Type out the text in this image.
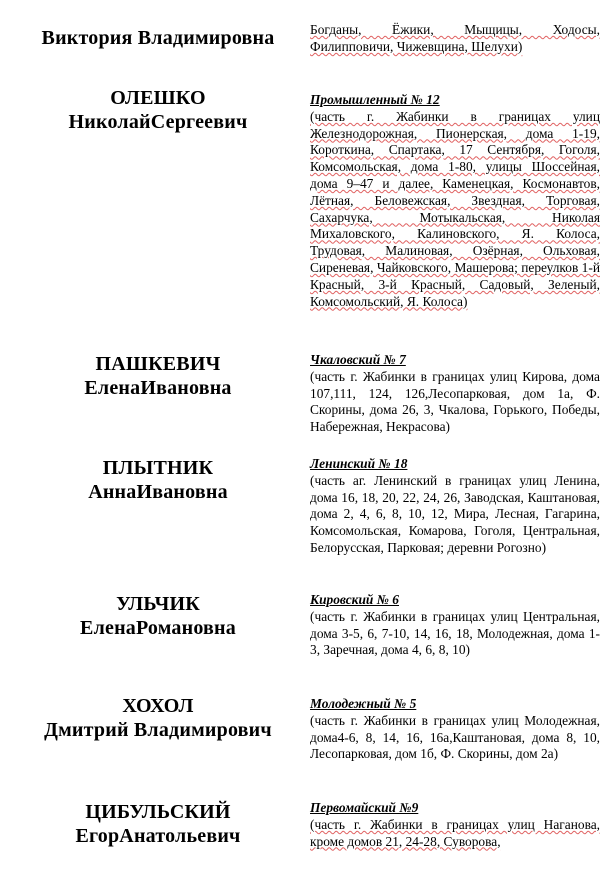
Виктория Владимировна	Богданы, Ёжики, Мыщицы, Ходосы, Филипповичи, Чижевщина, Шелухи)
ОЛЕШКО
НиколайСергеевич
Промышленный № 12
(часть г. Жабинки в границах улиц Железнодорожная, Пионерская, дома 1-19, Короткина, Спартака, 17 Сентября, Гоголя, Комсомольская, дома 1-80, улицы Шоссейная, дома 9–47 и далее, Каменецкая, Космонавтов, Лётная, Беловежская, Звездная, Торговая, Сахарчука, Мотыкальская, Николая Михаловского, Калиновского, Я. Колоса, Трудовая, Малиновая, Озёрная, Ольховая, Сиреневая, Чайковского, Машерова; переулков 1-й Красный, 3-й Красный, Садовый, Зеленый, Комсомольский, Я. Колоса)
ПАШКЕВИЧ
ЕленаИвановна
Чкаловский № 7
(часть г. Жабинки в границах улиц Кирова, дома 107,111, 124, 126,Лесопарковая, дом 1а, Ф. Скорины, дома 26, 3, Чкалова, Горького, Победы, Набережная, Некрасова)
ПЛЫТНИК
АннаИвановна
Ленинский № 18
(часть аг. Ленинский в границах улиц Ленина, дома 16, 18, 20, 22, 24, 26, Заводская, Каштановая, дома 2, 4, 6, 8, 10, 12, Мира, Лесная, Гагарина, Комсомольская, Комарова, Гоголя, Центральная, Белорусская, Парковая; деревни Рогозно)
УЛЬЧИК
ЕленаРомановна
Кировский № 6
(часть г. Жабинки в границах улиц Центральная, дома 3-5, 6, 7-10, 14, 16, 18, Молодежная, дома 1-3, Заречная, дома 4, 6, 8, 10)
ХОХОЛ
Дмитрий Владимирович
Молодежный № 5
(часть г. Жабинки в границах улиц Молодежная, дома4-6, 8, 14, 16, 16а,Каштановая, дома 8, 10, Лесопарковая, дом 1б, Ф. Скорины, дом 2а)
ЦИБУЛЬСКИЙ
ЕгорАнатольевич
Первомайский №9
(часть г. Жабинки в границах улиц Наганова, кроме домов 21, 24-28, Суворова,
